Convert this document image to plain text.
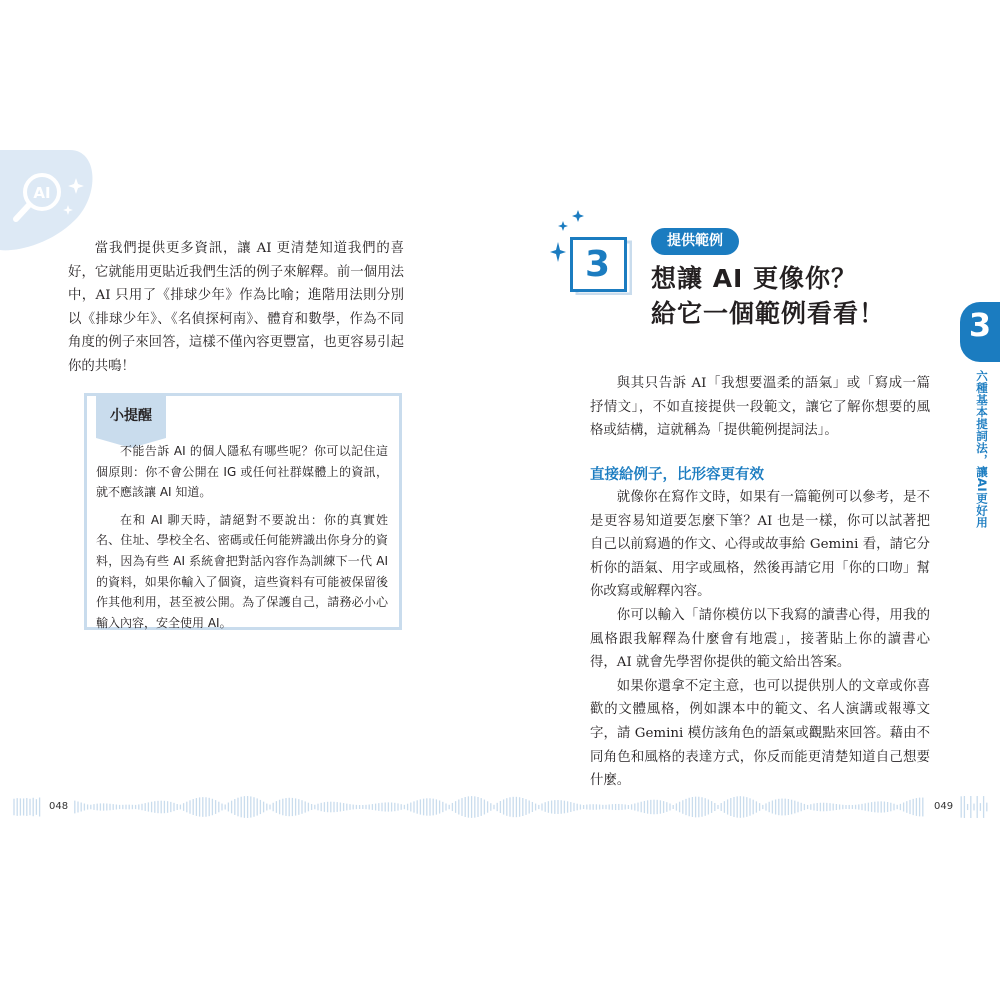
AI

當我們提供更多資訊，讓 AI 更清楚知道我們的喜好，它就能用更貼近我們生活的例子來解釋。前一個用法中，AI 只用了《排球少年》作為比喻；進階用法則分別以《排球少年》、《名偵探柯南》、體育和數學，作為不同角度的例子來回答，這樣不僅內容更豐富，也更容易引起你的共鳴！

小提醒

不能告訴 AI 的個人隱私有哪些呢？你可以記住這個原則：你不會公開在 IG 或任何社群媒體上的資訊，就不應該讓 AI 知道。

在和 AI 聊天時，請絕對不要說出：你的真實姓名、住址、學校全名、密碼或任何能辨識出你身分的資料，因為有些 AI 系統會把對話內容作為訓練下一代 AI 的資料，如果你輸入了個資，這些資料有可能被保留後作其他利用，甚至被公開。為了保護自己，請務必小心輸入內容，安全使用 AI。

3
提供範例
想讓 AI 更像你？
給它一個範例看看！

與其只告訴 AI「我想要溫柔的語氣」或「寫成一篇抒情文」，不如直接提供一段範文，讓它了解你想要的風格或結構，這就稱為「提供範例提詞法」。

直接給例子，比形容更有效

就像你在寫作文時，如果有一篇範例可以參考，是不是更容易知道要怎麼下筆？AI 也是一樣，你可以試著把自己以前寫過的作文、心得或故事給 Gemini 看，請它分析你的語氣、用字或風格，然後再請它用「你的口吻」幫你改寫或解釋內容。

你可以輸入「請你模仿以下我寫的讀書心得，用我的風格跟我解釋為什麼會有地震」，接著貼上你的讀書心得，AI 就會先學習你提供的範文給出答案。

如果你還拿不定主意，也可以提供別人的文章或你喜歡的文體風格，例如課本中的範文、名人演講或報導文字，請 Gemini 模仿該角色的語氣或觀點來回答。藉由不同角色和風格的表達方式，你反而能更清楚知道自己想要什麼。

3
六種基本提詞法，讓AI更好用
048	049
